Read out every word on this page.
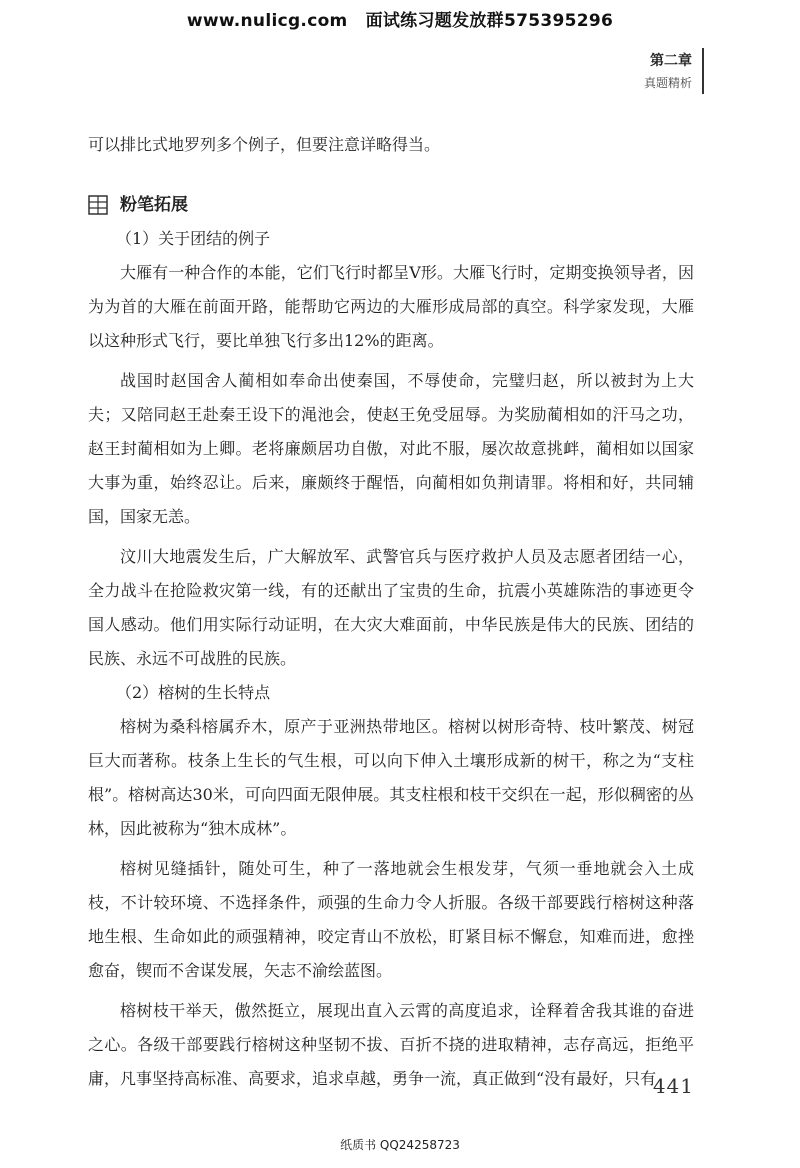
www.nulicg.com 面试练习题发放群575395296
第二章
真题精析

可以排比式地罗列多个例子，但要注意详略得当。

粉笔拓展

（1）关于团结的例子

大雁有一种合作的本能，它们飞行时都呈V形。大雁飞行时，定期变换领导者，因为为首的大雁在前面开路，能帮助它两边的大雁形成局部的真空。科学家发现，大雁以这种形式飞行，要比单独飞行多出12%的距离。

战国时赵国舍人蔺相如奉命出使秦国，不辱使命，完璧归赵，所以被封为上大夫；又陪同赵王赴秦王设下的渑池会，使赵王免受屈辱。为奖励蔺相如的汗马之功，赵王封蔺相如为上卿。老将廉颇居功自傲，对此不服，屡次故意挑衅，蔺相如以国家大事为重，始终忍让。后来，廉颇终于醒悟，向蔺相如负荆请罪。将相和好，共同辅国，国家无恙。

汶川大地震发生后，广大解放军、武警官兵与医疗救护人员及志愿者团结一心，全力战斗在抢险救灾第一线，有的还献出了宝贵的生命，抗震小英雄陈浩的事迹更令国人感动。他们用实际行动证明，在大灾大难面前，中华民族是伟大的民族、团结的民族、永远不可战胜的民族。

（2）榕树的生长特点

榕树为桑科榕属乔木，原产于亚洲热带地区。榕树以树形奇特、枝叶繁茂、树冠巨大而著称。枝条上生长的气生根，可以向下伸入土壤形成新的树干，称之为“支柱根”。榕树高达30米，可向四面无限伸展。其支柱根和枝干交织在一起，形似稠密的丛林，因此被称为“独木成林”。

榕树见缝插针，随处可生，种了一落地就会生根发芽，气须一垂地就会入土成枝，不计较环境、不选择条件，顽强的生命力令人折服。各级干部要践行榕树这种落地生根、生命如此的顽强精神，咬定青山不放松，盯紧目标不懈怠，知难而进，愈挫愈奋，锲而不舍谋发展，矢志不渝绘蓝图。

榕树枝干举天，傲然挺立，展现出直入云霄的高度追求，诠释着舍我其谁的奋进之心。各级干部要践行榕树这种坚韧不拔、百折不挠的进取精神，志存高远，拒绝平庸，凡事坚持高标准、高要求，追求卓越，勇争一流，真正做到“没有最好，只有

441
纸质书 QQ24258723
